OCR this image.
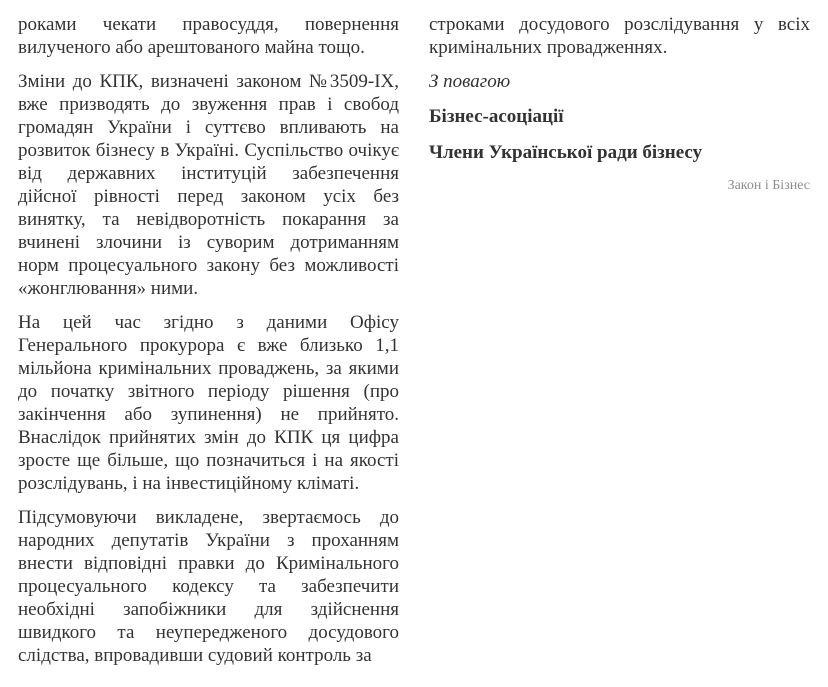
роками чекати правосуддя, повернення вилученого або арештованого майна тощо.

Зміни до КПК, визначені законом №3509-IX, вже призводять до звуження прав і свобод громадян України і суттєво впливають на розвиток бізнесу в Україні. Суспільство очікує від державних інституцій забезпечення дійсної рівності перед законом усіх без винятку, та невідворотність покарання за вчинені злочини із суворим дотриманням норм процесуального закону без можливості «жонглювання» ними.

На цей час згідно з даними Офісу Генерального прокурора є вже близько 1,1 мільйона кримінальних проваджень, за якими до початку звітного періоду рішення (про закінчення або зупинення) не прийнято. Внаслідок прийнятих змін до КПК ця цифра зросте ще більше, що позначиться і на якості розслідувань, і на інвестиційному кліматі.

Підсумовуючи викладене, звертаємось до народних депутатів України з проханням внести відповідні правки до Кримінального процесуального кодексу та забезпечити необхідні запобіжники для здійснення швидкого та неупередженого досудового слідства, впровадивши судовий контроль за

строками досудового розслідування у всіх кримінальних провадженнях.

З повагою

Бізнес-асоціації

Члени Української ради бізнесу

Закон і Бізнес
